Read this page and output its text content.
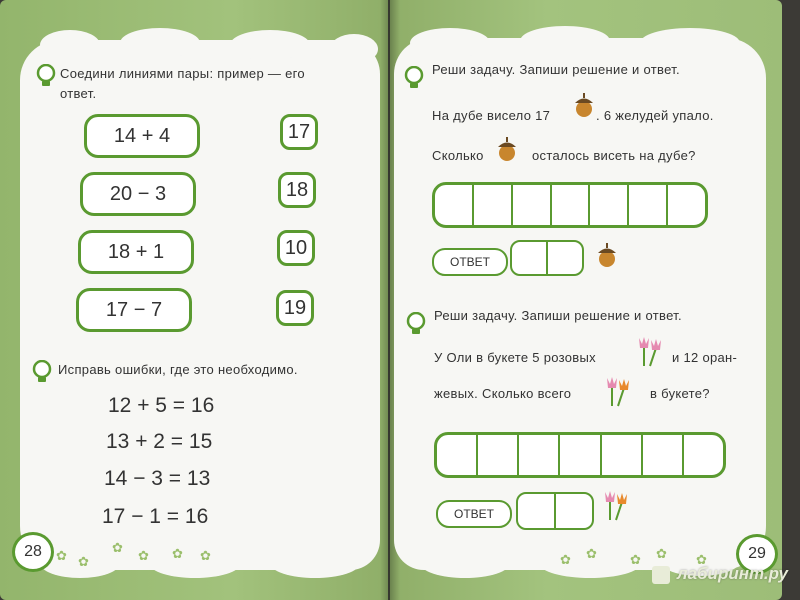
Соедини линиями пары: пример — его
ответ.
14 + 4
20 − 3
18 + 1
17 − 7
17
18
10
19
Исправь ошибки, где это необходимо.
12 + 5 = 16
13 + 2 = 15
14 − 3 = 13
17 − 1 = 16
28	✿ ✿
✿
✿ ✿ ✿
Реши задачу. Запиши решение и ответ.
На дубе висело 17	. 6 желудей упало.
Сколько	осталось висеть на дубе?
ОТВЕТ
Реши задачу. Запиши решение и ответ.
У Оли в букете 5 розовых	и 12 оран-
жевых. Сколько всего	в букете?
ОТВЕТ
29
✿ ✿	✿ ✿ ✿
лабиринт.ру
